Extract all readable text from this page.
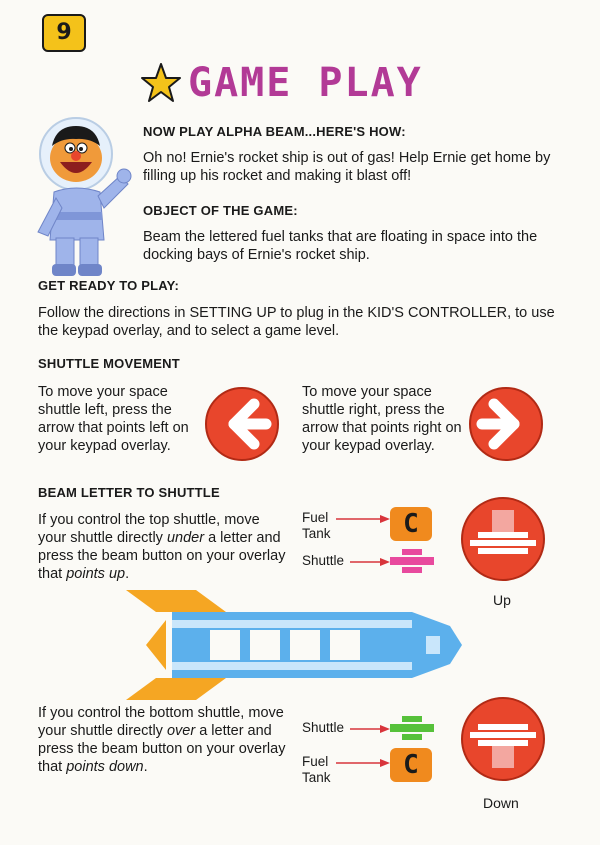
9
GAME PLAY
NOW PLAY ALPHA BEAM...HERE'S HOW:
Oh no! Ernie's rocket ship is out of gas! Help Ernie get home by filling up his rocket and making it blast off!
OBJECT OF THE GAME:
Beam the lettered fuel tanks that are floating in space into the docking bays of Ernie's rocket ship.
GET READY TO PLAY:
Follow the directions in SETTING UP to plug in the KID'S CONTROLLER, to use the keypad overlay, and to select a game level.
SHUTTLE MOVEMENT
To move your space shuttle left, press the arrow that points left on your keypad overlay.
To move your space shuttle right, press the arrow that points right on your keypad overlay.
BEAM LETTER TO SHUTTLE
If you control the top shuttle, move your shuttle directly under a letter and press the beam button on your overlay that points up.
Fuel
Tank	C
Shuttle
Up
If you control the bottom shuttle, move your shuttle directly over a letter and press the beam button on your overlay that points down.
Shuttle
Fuel
Tank	C
Down
